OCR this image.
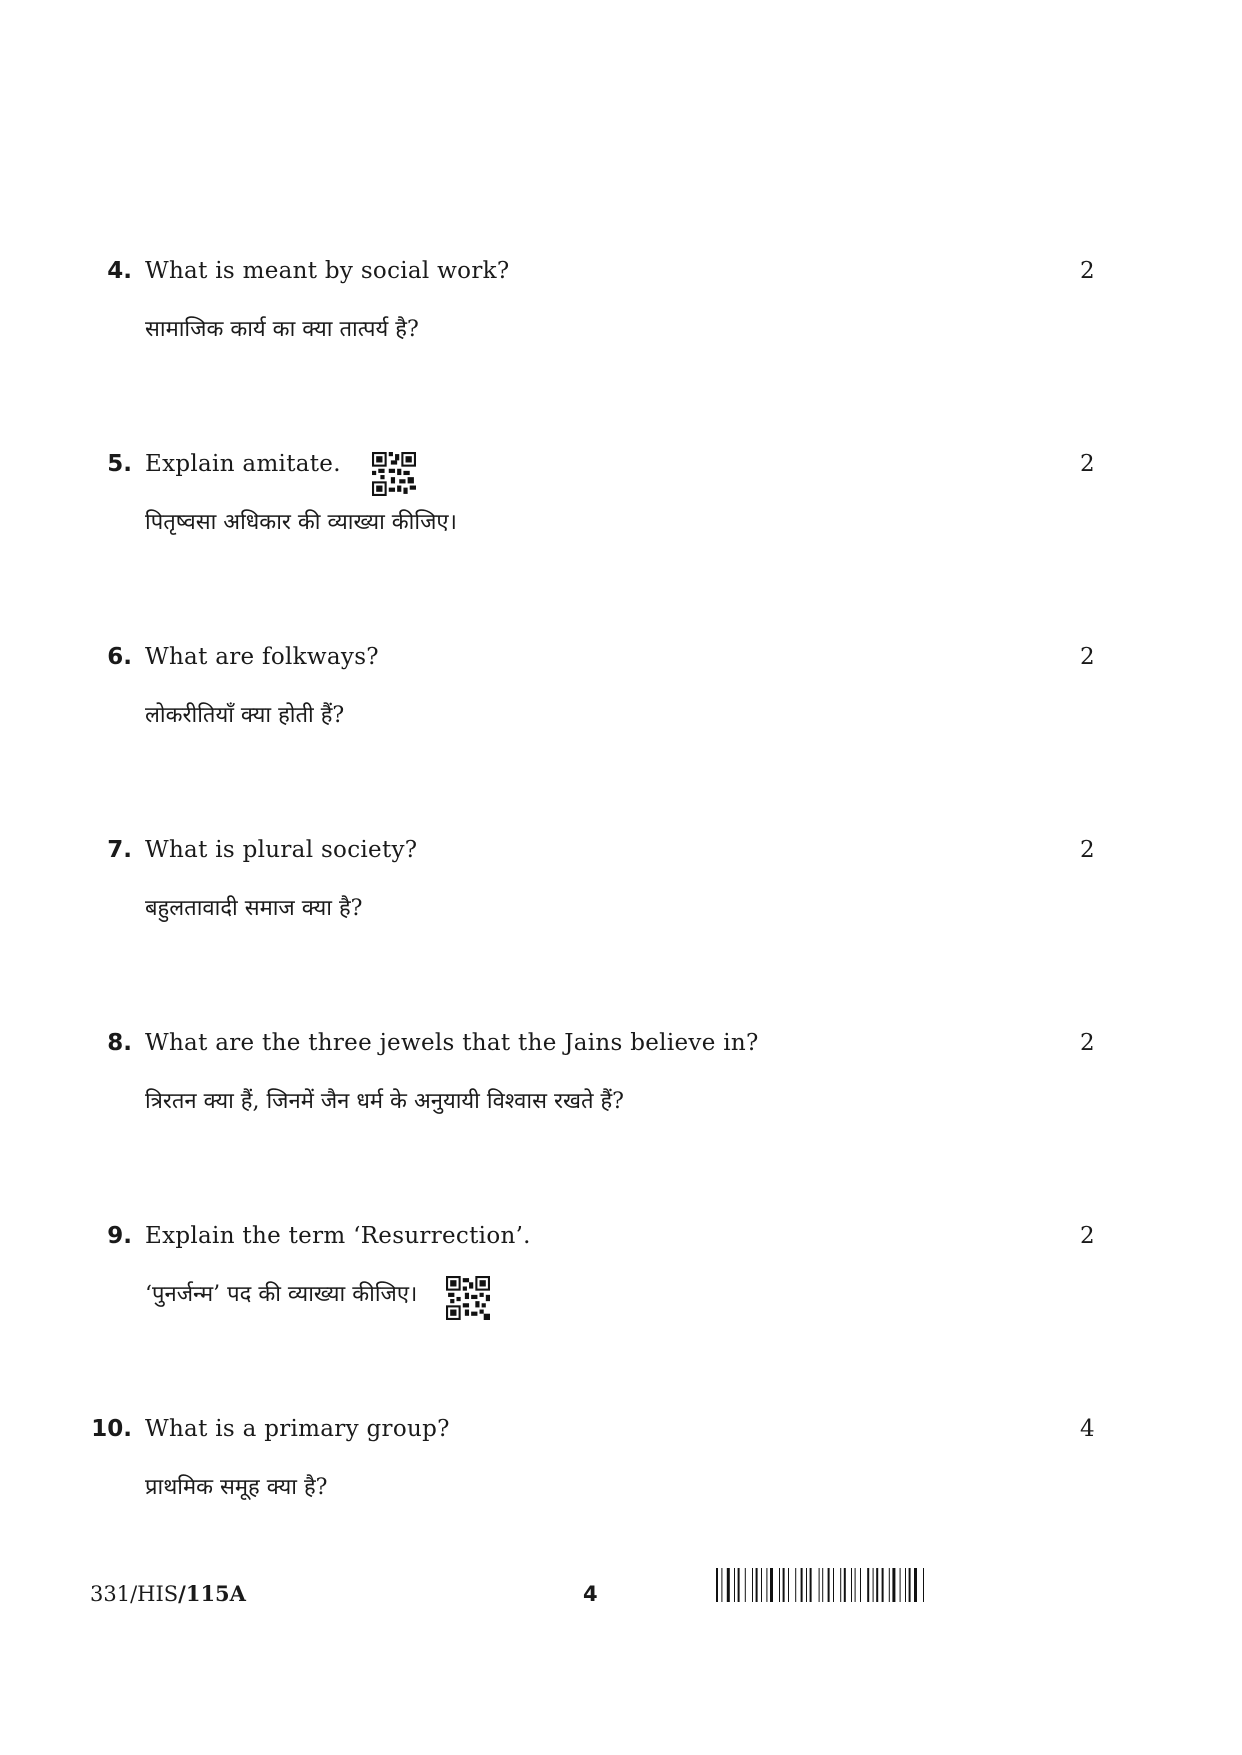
4. What is meant by social work?
सामाजिक कार्य का क्या तात्पर्य है?
2
5. Explain amitate.
पितृष्वसा अधिकार की व्याख्या कीजिए।
2
6. What are folkways?
लोकरीतियाँ क्या होती हैं?
2
7. What is plural society?
बहुलतावादी समाज क्या है?
2
8. What are the three jewels that the Jains believe in?
त्रिरतन क्या हैं, जिनमें जैन धर्म के अनुयायी विश्वास रखते हैं?
2
9. Explain the term ‘Resurrection’.
‘पुनर्जन्म’ पद की व्याख्या कीजिए।
2
10. What is a primary group?
प्राथमिक समूह क्या है?
4
331/HIS/115A	4
